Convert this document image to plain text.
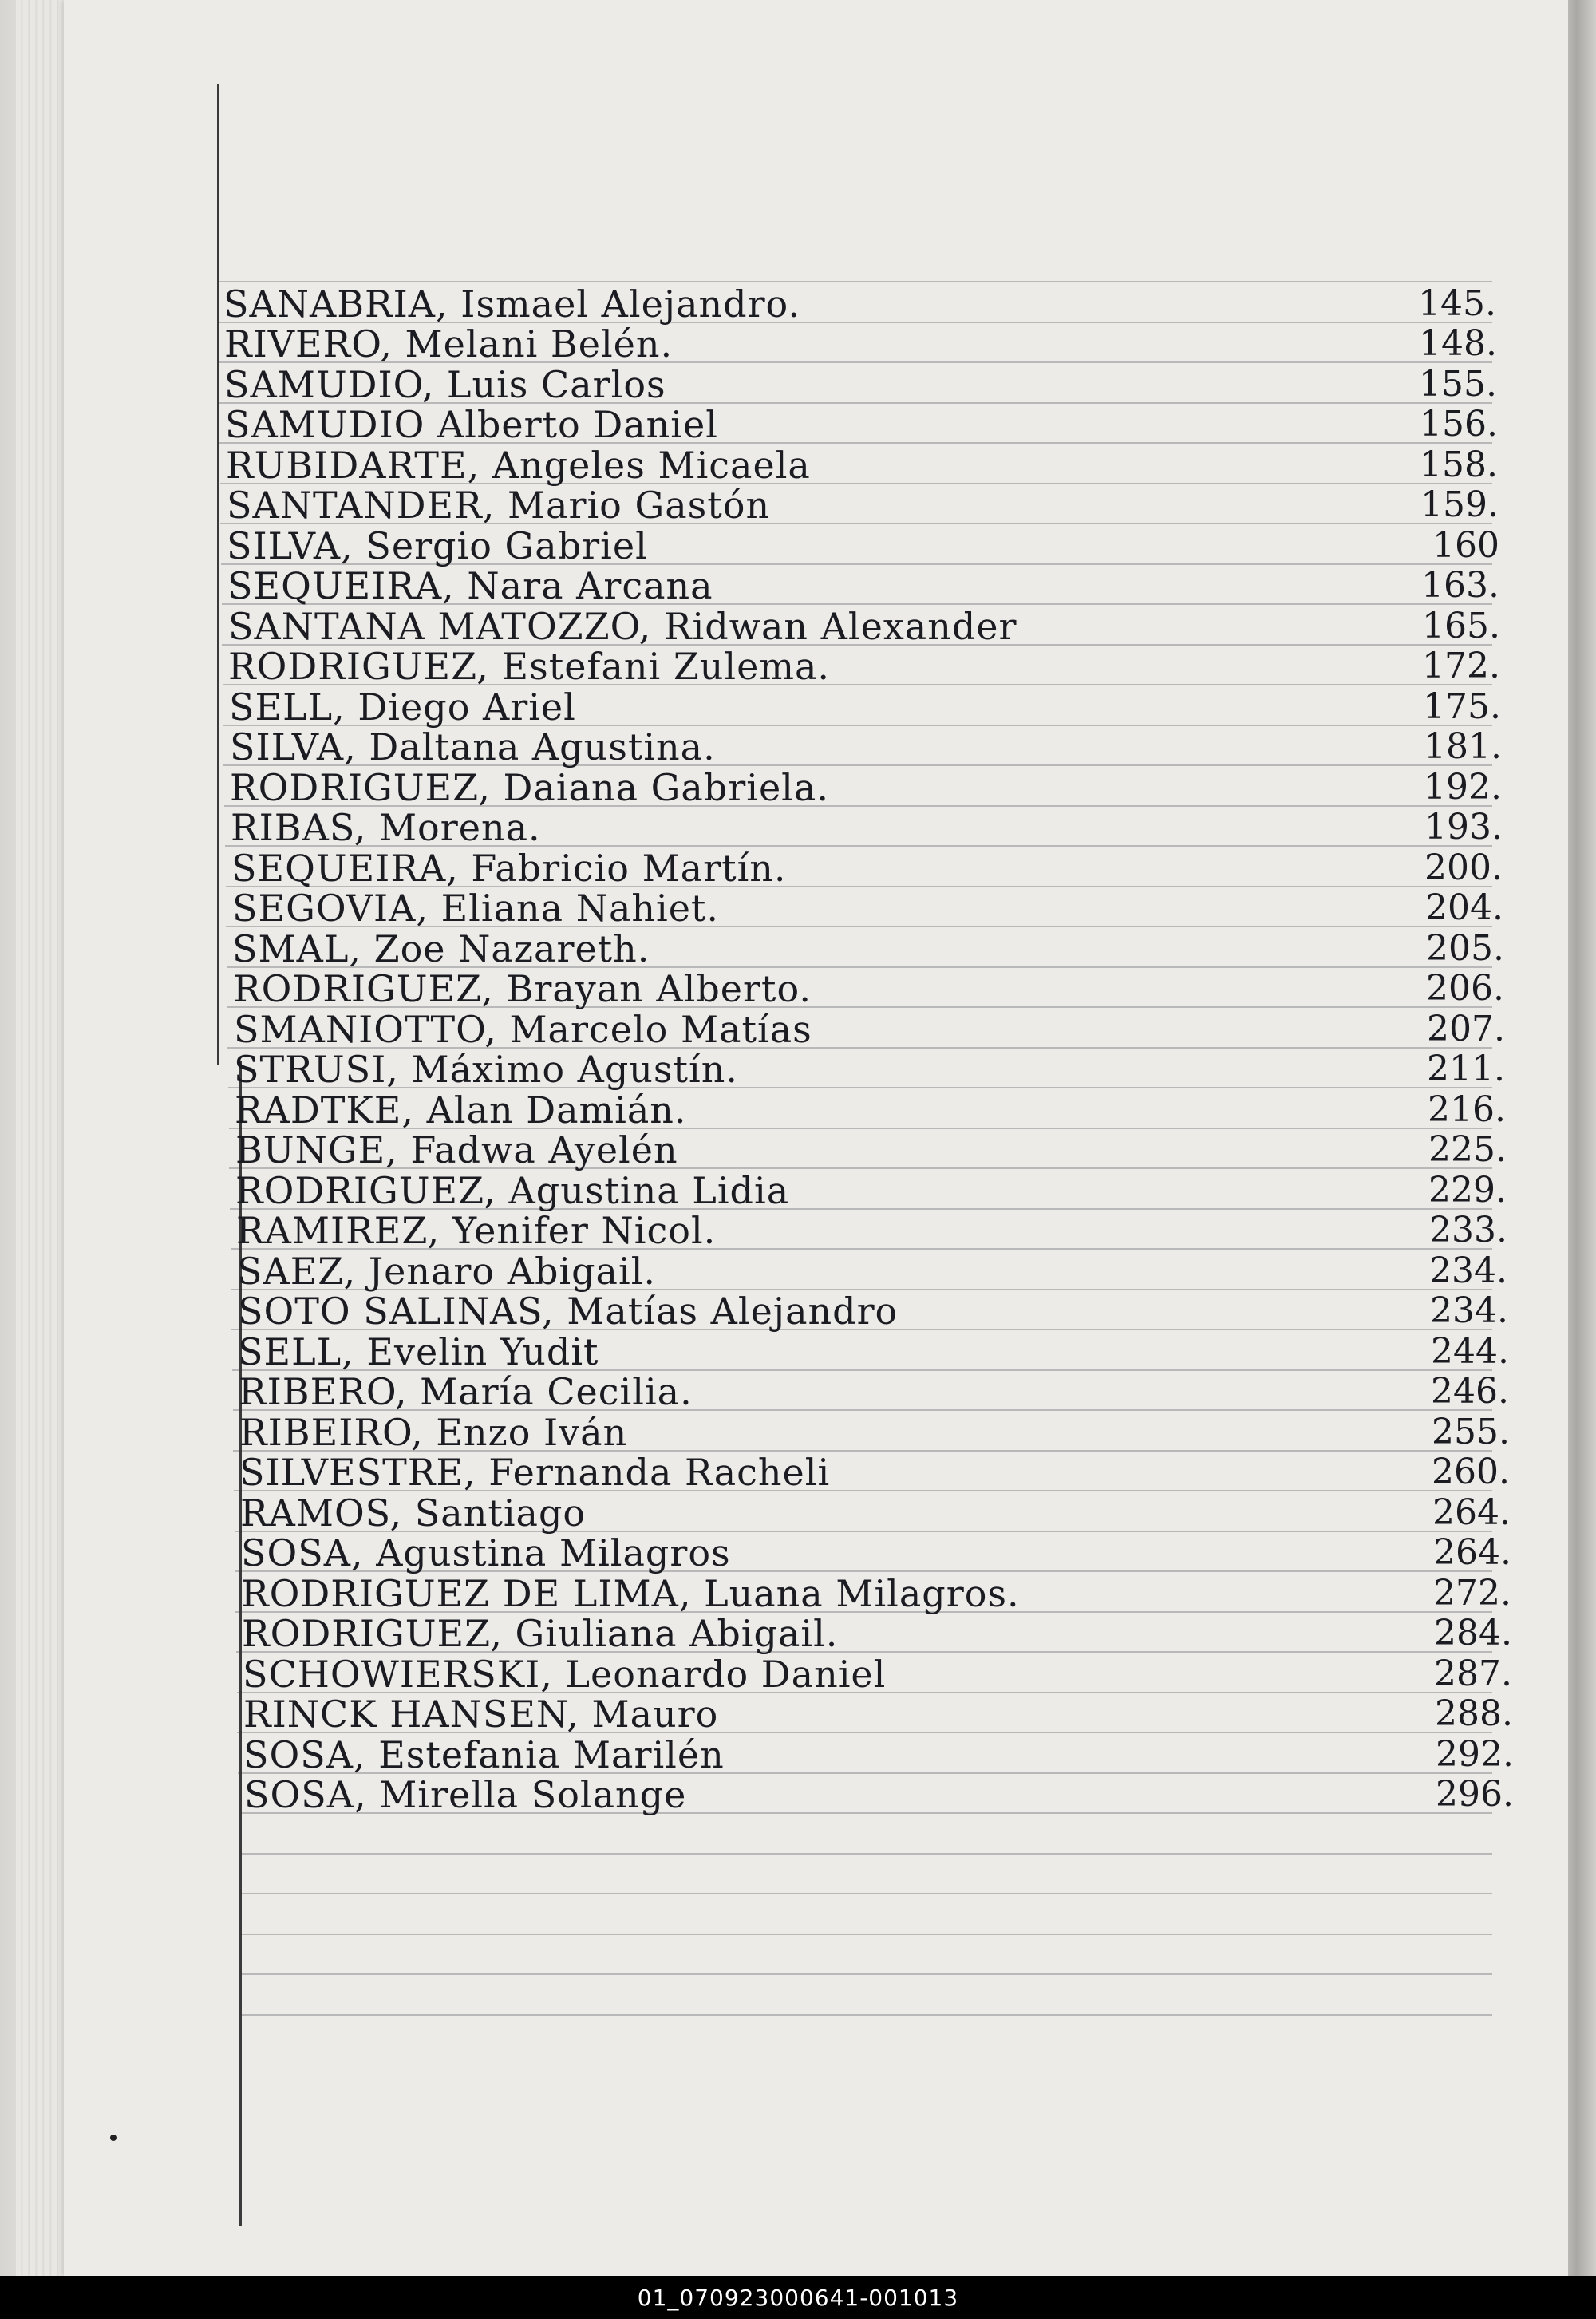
SANABRIA, Ismael Alejandro.	145.
RIVERO, Melani Belén.	148.
SAMUDIO, Luis Carlos	155.
SAMUDIO Alberto Daniel	156.
RUBIDARTE, Angeles Micaela	158.
SANTANDER, Mario Gastón	159.
SILVA, Sergio Gabriel	160
SEQUEIRA, Nara Arcana	163.
SANTANA MATOZZO, Ridwan Alexander	165.
RODRIGUEZ, Estefani Zulema.	172.
SELL, Diego Ariel	175.
SILVA, Daltana Agustina.	181.
RODRIGUEZ, Daiana Gabriela.	192.
RIBAS, Morena.	193.
SEQUEIRA, Fabricio Martín.	200.
SEGOVIA, Eliana Nahiet.	204.
SMAL, Zoe Nazareth.	205.
RODRIGUEZ, Brayan Alberto.	206.
SMANIOTTO, Marcelo Matías	207.
STRUSI, Máximo Agustín.	211.
RADTKE, Alan Damián.	216.
BUNGE, Fadwa Ayelén	225.
RODRIGUEZ, Agustina Lidia	229.
RAMIREZ, Yenifer Nicol.	233.
SAEZ, Jenaro Abigail.	234.
SOTO SALINAS, Matías Alejandro	234.
SELL, Evelin Yudit	244.
RIBERO, María Cecilia.	246.
RIBEIRO, Enzo Iván	255.
SILVESTRE, Fernanda Racheli	260.
RAMOS, Santiago	264.
SOSA, Agustina Milagros	264.
RODRIGUEZ DE LIMA, Luana Milagros.	272.
RODRIGUEZ, Giuliana Abigail.	284.
SCHOWIERSKI, Leonardo Daniel	287.
RINCK HANSEN, Mauro	288.
SOSA, Estefania Marilén	292.
SOSA, Mirella Solange	296.
01_070923000641-001013
